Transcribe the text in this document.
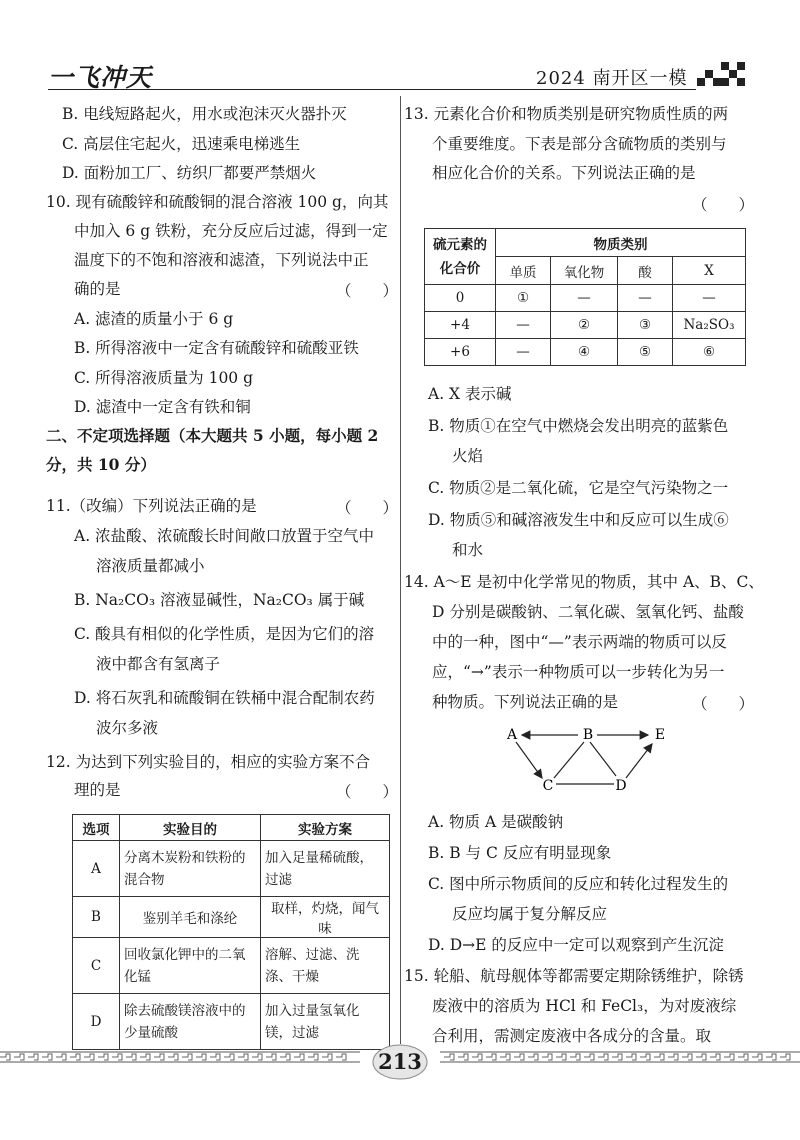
一飞冲天	2024 南开区一模
B. 电线短路起火，用水或泡沫灭火器扑灭
C. 高层住宅起火，迅速乘电梯逃生
D. 面粉加工厂、纺织厂都要严禁烟火
10. 现有硫酸锌和硫酸铜的混合溶液 100 g，向其
中加入 6 g 铁粉，充分反应后过滤，得到一定
温度下的不饱和溶液和滤渣，下列说法中正
确的是	（　　）
A. 滤渣的质量小于 6 g
B. 所得溶液中一定含有硫酸锌和硫酸亚铁
C. 所得溶液质量为 100 g
D. 滤渣中一定含有铁和铜
二、不定项选择题（本大题共 5 小题，每小题 2
分，共 10 分）
11.（改编）下列说法正确的是	（　　）
A. 浓盐酸、浓硫酸长时间敞口放置于空气中
溶液质量都减小
B. Na₂CO₃ 溶液显碱性，Na₂CO₃ 属于碱
C. 酸具有相似的化学性质，是因为它们的溶
液中都含有氢离子
D. 将石灰乳和硫酸铜在铁桶中混合配制农药
波尔多液
12. 为达到下列实验目的，相应的实验方案不合
理的是	（　　）
选项	实验目的	实验方案
A	分离木炭粉和铁粉的混合物	加入足量稀硫酸，过滤
B	鉴别羊毛和涤纶	取样，灼烧，闻气味
C	回收氯化钾中的二氧化锰	溶解、过滤、洗涤、干燥
D	除去硫酸镁溶液中的少量硫酸	加入过量氢氧化镁，过滤
13. 元素化合价和物质类别是研究物质性质的两
个重要维度。下表是部分含硫物质的类别与
相应化合价的关系。下列说法正确的是
（　　）
硫元素的化合价	物质类别			
	单质	氧化物	酸	X
0	①	—	—	—
+4	—	②	③	Na₂SO₃
+6	—	④	⑤	⑥
A. X 表示碱
B. 物质①在空气中燃烧会发出明亮的蓝紫色
火焰
C. 物质②是二氧化硫，它是空气污染物之一
D. 物质⑤和碱溶液发生中和反应可以生成⑥
和水
14. A～E 是初中化学常见的物质，其中 A、B、C、
D 分别是碳酸钠、二氧化碳、氢氧化钙、盐酸
中的一种，图中“—”表示两端的物质可以反
应，“→”表示一种物质可以一步转化为另一
种物质。下列说法正确的是	（　　）
A	B
C	D
E
A. 物质 A 是碳酸钠
B. B 与 C 反应有明显现象
C. 图中所示物质间的反应和转化过程发生的
反应均属于复分解反应
D. D→E 的反应中一定可以观察到产生沉淀
15. 轮船、航母舰体等都需要定期除锈维护，除锈
废液中的溶质为 HCl 和 FeCl₃，为对废液综
合利用，需测定废液中各成分的含量。取
213
